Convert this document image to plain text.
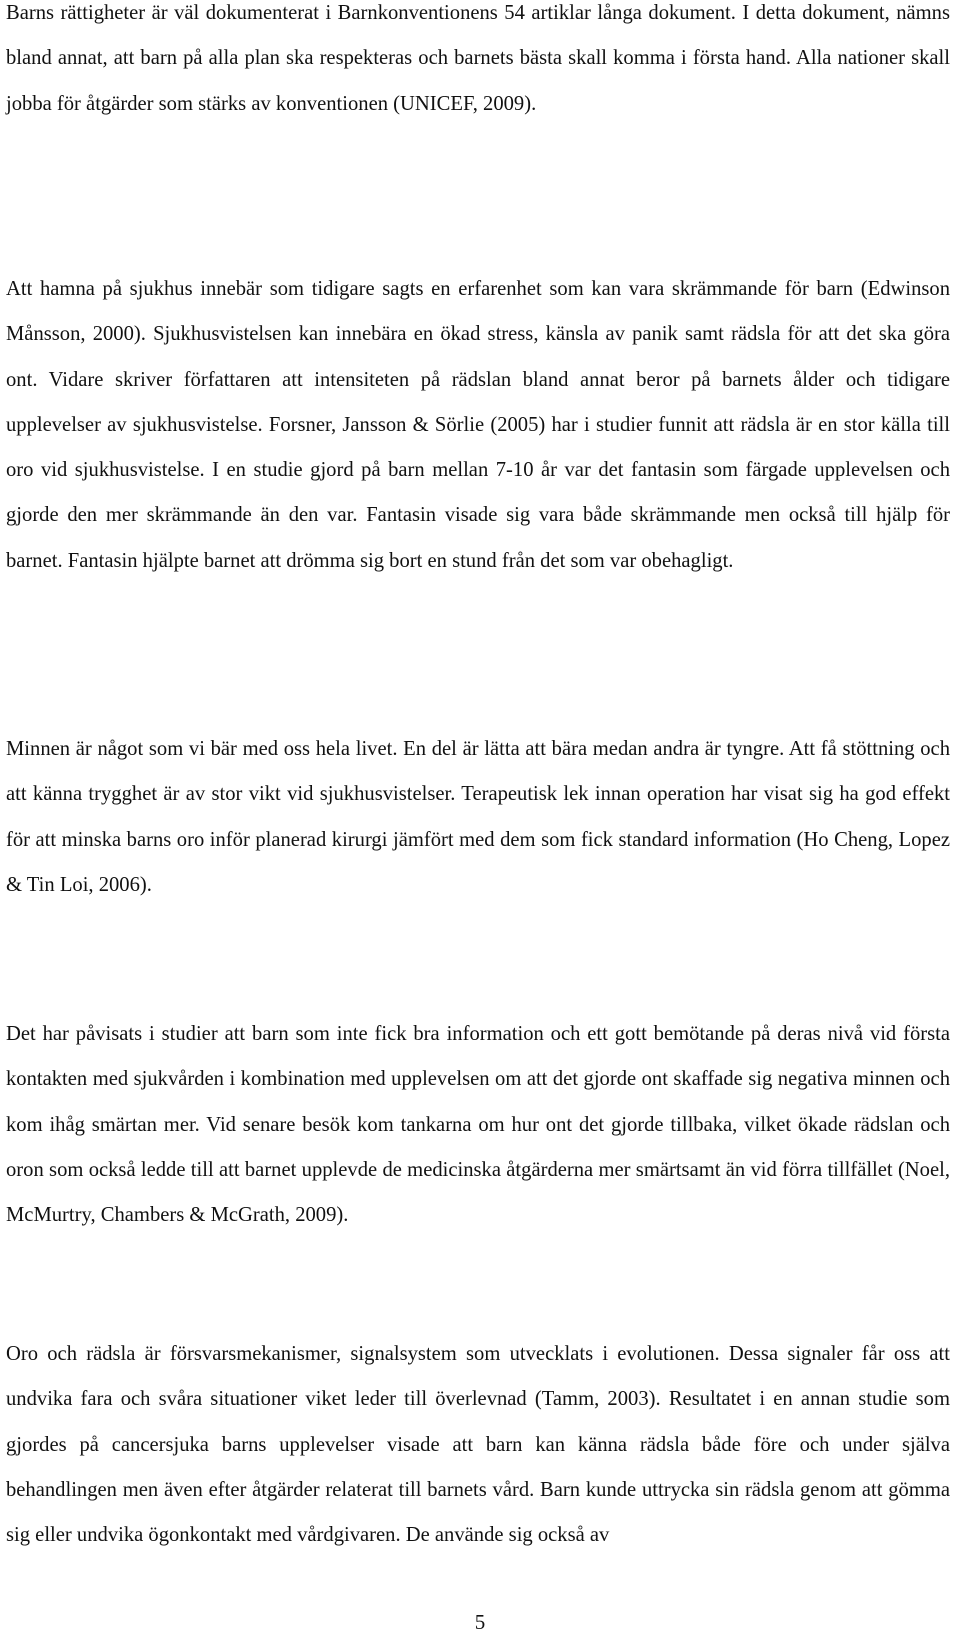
Barns rättigheter är väl dokumenterat i Barnkonventionens 54 artiklar långa dokument. I detta dokument, nämns bland annat, att barn på alla plan ska respekteras och barnets bästa skall komma i första hand. Alla nationer skall jobba för åtgärder som stärks av konventionen (UNICEF, 2009).

Att hamna på sjukhus innebär som tidigare sagts en erfarenhet som kan vara skrämmande för barn (Edwinson Månsson, 2000). Sjukhusvistelsen kan innebära en ökad stress, känsla av panik samt rädsla för att det ska göra ont. Vidare skriver författaren att intensiteten på rädslan bland annat beror på barnets ålder och tidigare upplevelser av sjukhusvistelse. Forsner, Jansson & Sörlie (2005) har i studier funnit att rädsla är en stor källa till oro vid sjukhusvistelse. I en studie gjord på barn mellan 7-10 år var det fantasin som färgade upplevelsen och gjorde den mer skrämmande än den var. Fantasin visade sig vara både skrämmande men också till hjälp för barnet. Fantasin hjälpte barnet att drömma sig bort en stund från det som var obehagligt.

Minnen är något som vi bär med oss hela livet. En del är lätta att bära medan andra är tyngre. Att få stöttning och att känna trygghet är av stor vikt vid sjukhusvistelser. Terapeutisk lek innan operation har visat sig ha god effekt för att minska barns oro inför planerad kirurgi jämfört med dem som fick standard information (Ho Cheng, Lopez & Tin Loi, 2006).

Det har påvisats i studier att barn som inte fick bra information och ett gott bemötande på deras nivå vid första kontakten med sjukvården i kombination med upplevelsen om att det gjorde ont skaffade sig negativa minnen och kom ihåg smärtan mer. Vid senare besök kom tankarna om hur ont det gjorde tillbaka, vilket ökade rädslan och oron som också ledde till att barnet upplevde de medicinska åtgärderna mer smärtsamt än vid förra tillfället (Noel, McMurtry, Chambers & McGrath, 2009).

Oro och rädsla är försvarsmekanismer, signalsystem som utvecklats i evolutionen. Dessa signaler får oss att undvika fara och svåra situationer viket leder till överlevnad (Tamm, 2003). Resultatet i en annan studie som gjordes på cancersjuka barns upplevelser visade att barn kan känna rädsla både före och under själva behandlingen men även efter åtgärder relaterat till barnets vård. Barn kunde uttrycka sin rädsla genom att gömma sig eller undvika ögonkontakt med vårdgivaren. De använde sig också av

5
